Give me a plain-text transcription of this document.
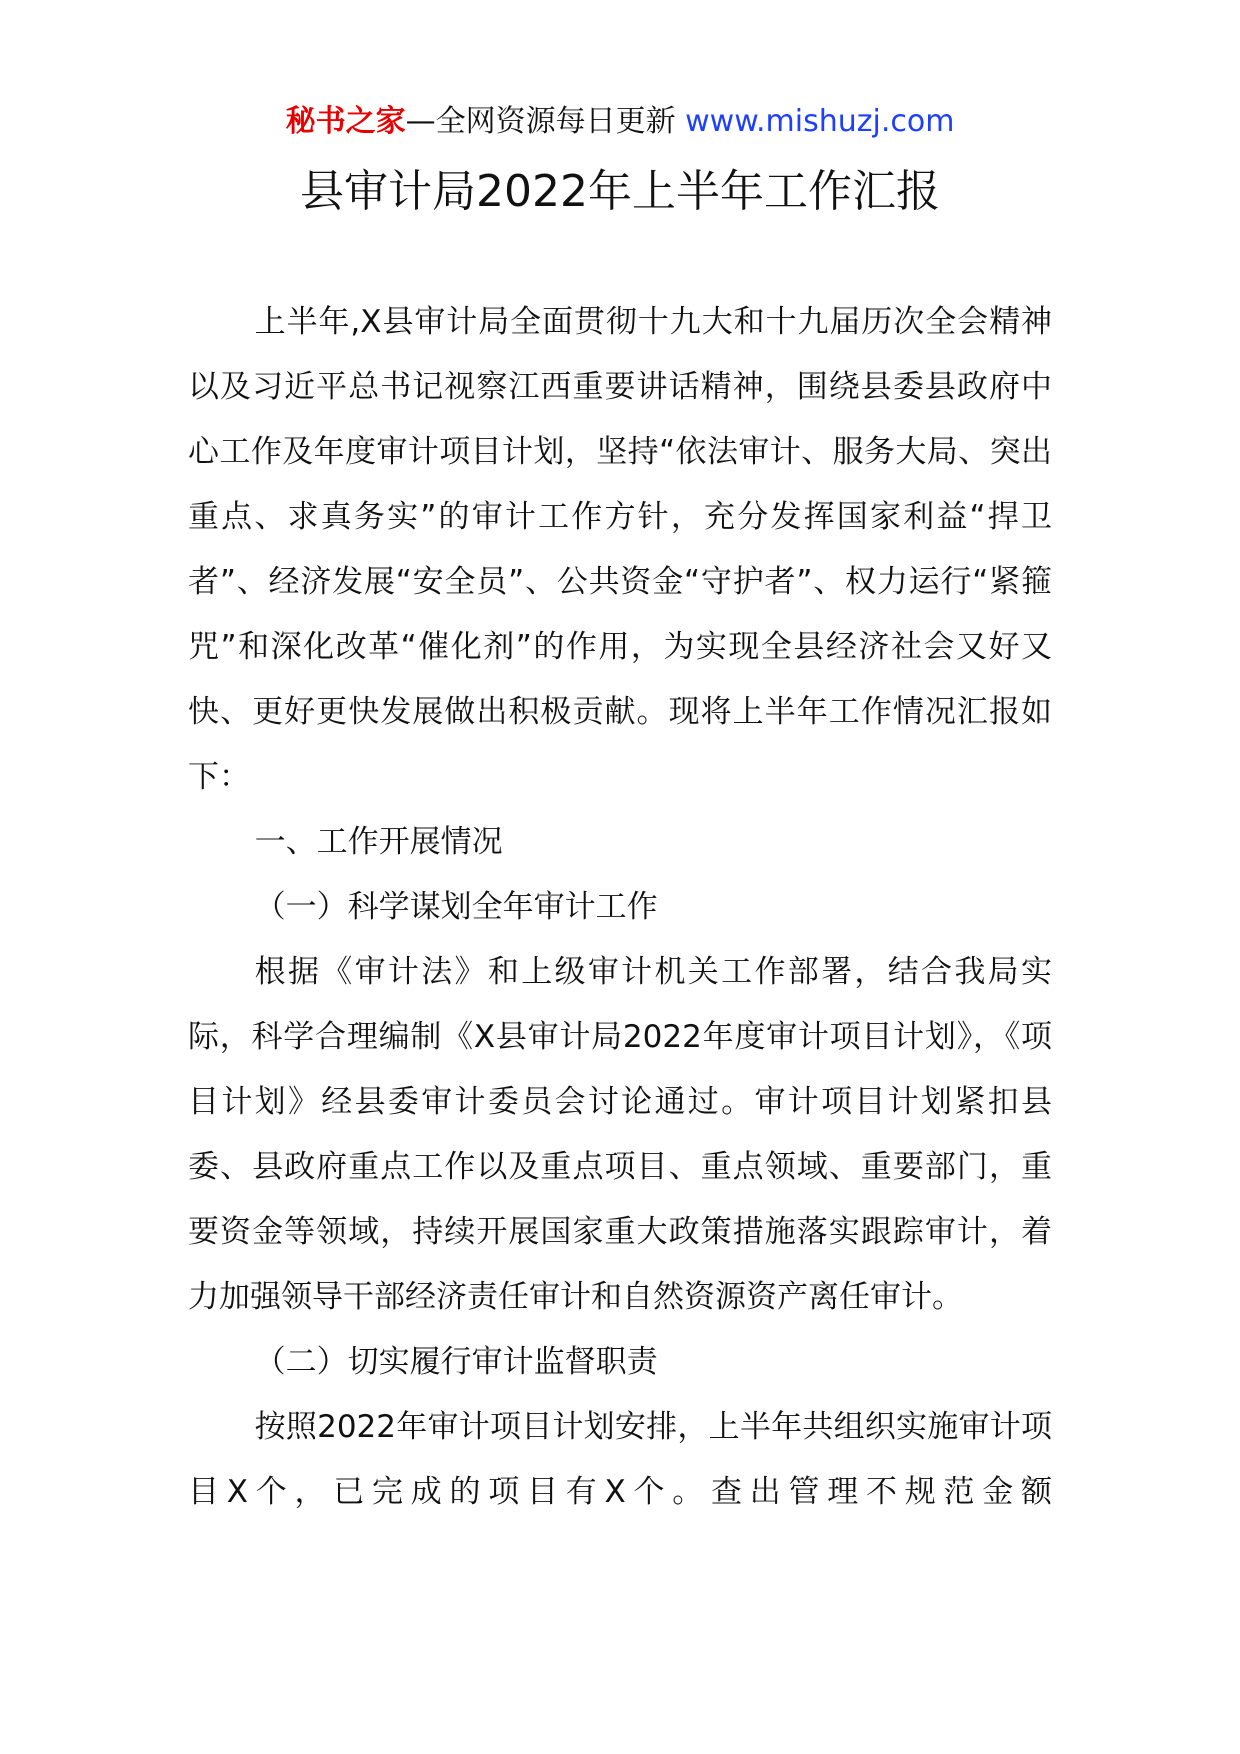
秘书之家—全网资源每日更新 www.mishuzj.com
县审计局2022年上半年工作汇报

上半年,X县审计局全面贯彻十九大和十九届历次全会精神以及习近平总书记视察江西重要讲话精神，围绕县委县政府中心工作及年度审计项目计划，坚持“依法审计、服务大局、突出重点、求真务实”的审计工作方针，充分发挥国家利益“捍卫者”、经济发展“安全员”、公共资金“守护者”、权力运行“紧箍咒”和深化改革“催化剂”的作用，为实现全县经济社会又好又快、更好更快发展做出积极贡献。现将上半年工作情况汇报如下：

一、工作开展情况

（一）科学谋划全年审计工作

根据《审计法》和上级审计机关工作部署，结合我局实际，科学合理编制《X县审计局2022年度审计项目计划》，《项目计划》经县委审计委员会讨论通过。审计项目计划紧扣县委、县政府重点工作以及重点项目、重点领域、重要部门，重要资金等领域，持续开展国家重大政策措施落实跟踪审计，着力加强领导干部经济责任审计和自然资源资产离任审计。

（二）切实履行审计监督职责

按照2022年审计项目计划安排，上半年共组织实施审计项目X个，已完成的项目有X个。查出管理不规范金额
